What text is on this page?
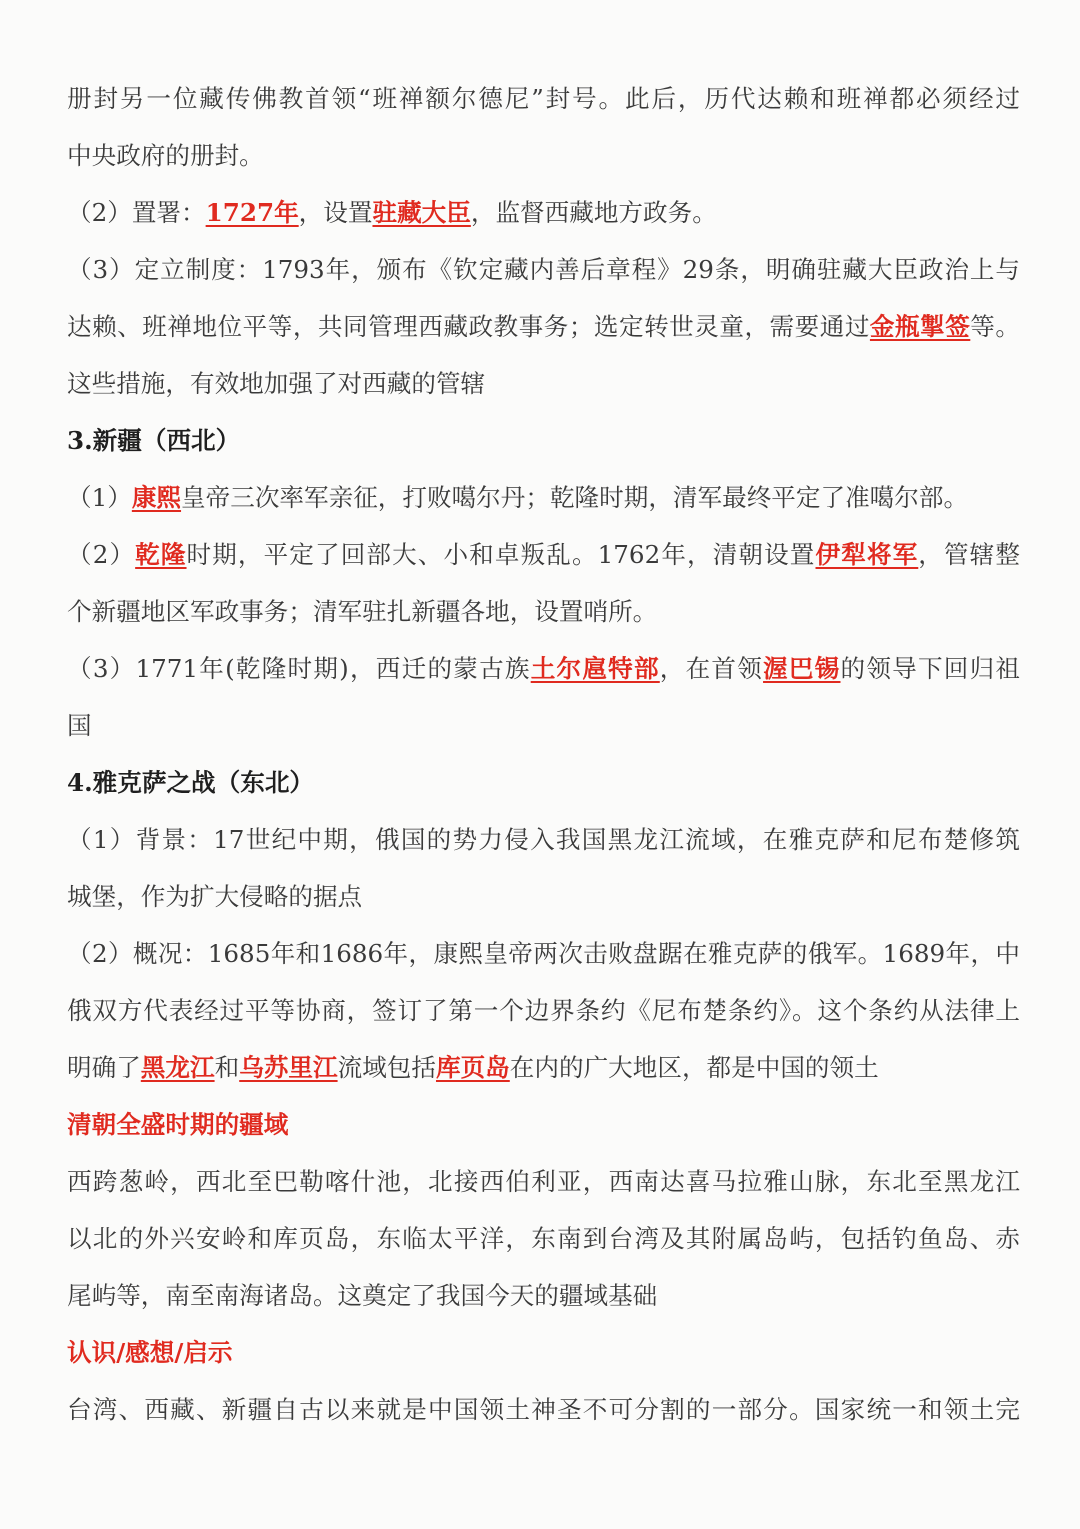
册封另一位藏传佛教首领“班禅额尔德尼”封号。此后，历代达赖和班禅都必须经过
中央政府的册封。
（2）置署：1727年，设置驻藏大臣，监督西藏地方政务。
（3）定立制度：1793年，颁布《钦定藏内善后章程》29条，明确驻藏大臣政治上与
达赖、班禅地位平等，共同管理西藏政教事务；选定转世灵童，需要通过金瓶掣签等。
这些措施，有效地加强了对西藏的管辖
3.新疆（西北）
（1）康熙皇帝三次率军亲征，打败噶尔丹；乾隆时期，清军最终平定了准噶尔部。
（2）乾隆时期，平定了回部大、小和卓叛乱。1762年，清朝设置伊犁将军，管辖整
个新疆地区军政事务；清军驻扎新疆各地，设置哨所。
（3）1771年(乾隆时期)，西迁的蒙古族土尔扈特部，在首领渥巴锡的领导下回归祖
国
4.雅克萨之战（东北）
（1）背景：17世纪中期，俄国的势力侵入我国黑龙江流域，在雅克萨和尼布楚修筑
城堡，作为扩大侵略的据点
（2）概况：1685年和1686年，康熙皇帝两次击败盘踞在雅克萨的俄军。1689年，中
俄双方代表经过平等协商，签订了第一个边界条约《尼布楚条约》。这个条约从法律上
明确了黑龙江和乌苏里江流域包括库页岛在内的广大地区，都是中国的领土
清朝全盛时期的疆域
西跨葱岭，西北至巴勒喀什池，北接西伯利亚，西南达喜马拉雅山脉，东北至黑龙江
以北的外兴安岭和库页岛，东临太平洋，东南到台湾及其附属岛屿，包括钓鱼岛、赤
尾屿等，南至南海诸岛。这奠定了我国今天的疆域基础
认识/感想/启示
台湾、西藏、新疆自古以来就是中国领土神圣不可分割的一部分。国家统一和领土完
